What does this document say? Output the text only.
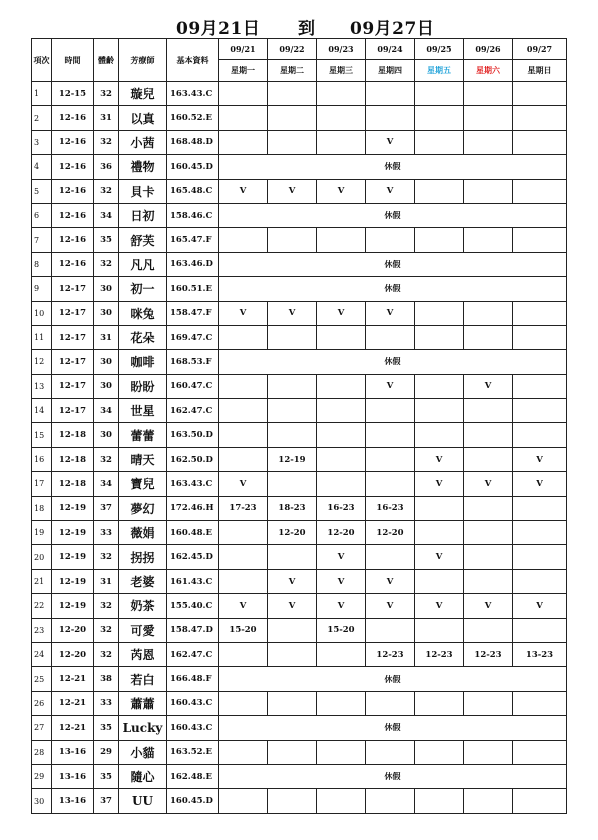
09月21日 到 09月27日
項次	時間	體齡	芳療師	基本資料	09/21	09/22	09/23	09/24	09/25	09/26	09/27
					星期一	星期二	星期三	星期四	星期五	星期六	星期日
1	12-15	32	璇兒	163.43.C							
2	12-16	31	以真	160.52.E							
3	12-16	32	小茜	168.48.D				V			
4	12-16	36	禮物	160.45.D	休假						
5	12-16	32	貝卡	165.48.C	V	V	V	V			
6	12-16	34	日初	158.46.C	休假						
7	12-16	35	舒芙	165.47.F							
8	12-16	32	凡凡	163.46.D	休假						
9	12-17	30	初一	160.51.E	休假						
10	12-17	30	咪兔	158.47.F	V	V	V	V			
11	12-17	31	花朵	169.47.C							
12	12-17	30	咖啡	168.53.F	休假						
13	12-17	30	盼盼	160.47.C				V		V	
14	12-17	34	世星	162.47.C							
15	12-18	30	蕾蕾	163.50.D							
16	12-18	32	晴天	162.50.D		12-19			V		V
17	12-18	34	寶兒	163.43.C	V				V	V	V
18	12-19	37	夢幻	172.46.H	17-23	18-23	16-23	16-23			
19	12-19	33	薇娟	160.48.E		12-20	12-20	12-20			
20	12-19	32	拐拐	162.45.D			V		V		
21	12-19	31	老婆	161.43.C		V	V	V			
22	12-19	32	奶茶	155.40.C	V	V	V	V	V	V	V
23	12-20	32	可愛	158.47.D	15-20		15-20				
24	12-20	32	芮恩	162.47.C				12-23	12-23	12-23	13-23
25	12-21	38	若白	166.48.F	休假						
26	12-21	33	蕭蕭	160.43.C							
27	12-21	35	Lucky	160.43.C	休假						
28	13-16	29	小貓	163.52.E							
29	13-16	35	隨心	162.48.E	休假						
30	13-16	37	UU	160.45.D							
